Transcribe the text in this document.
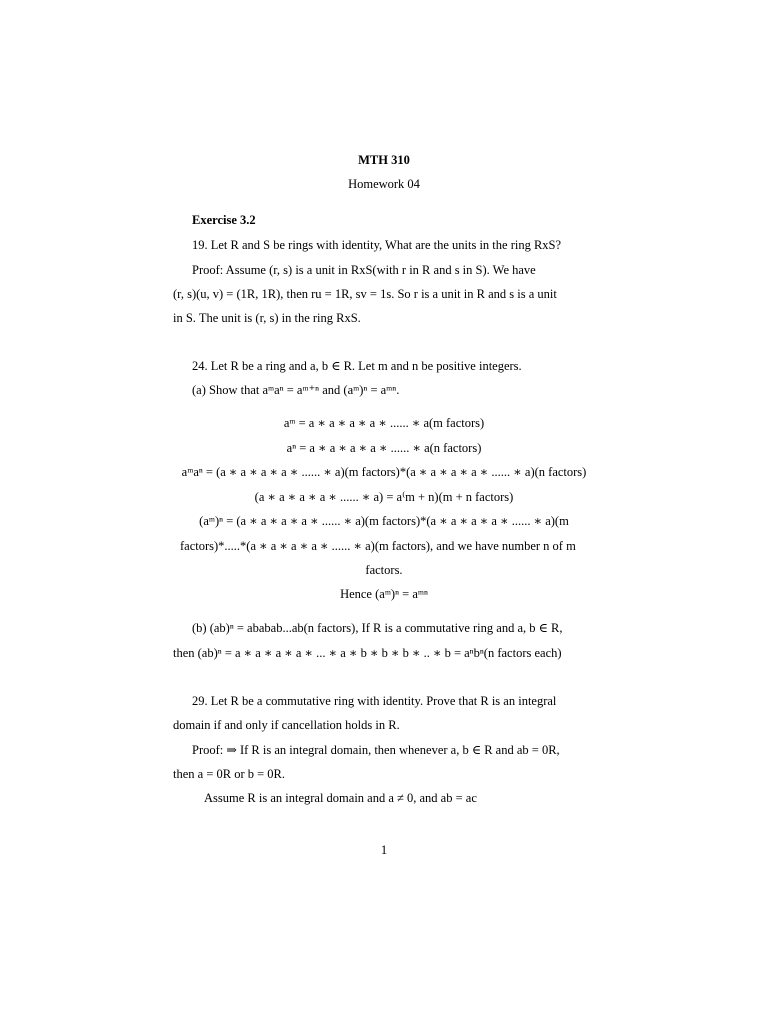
MTH 310
Homework 04
Exercise 3.2
19. Let R and S be rings with identity, What are the units in the ring RxS?
Proof: Assume (r, s) is a unit in RxS(with r in R and s in S). We have
(r, s)(u, v) = (1R, 1R), then ru = 1R, sv = 1s. So r is a unit in R and s is a unit
in S. The unit is (r, s) in the ring RxS.
24. Let R be a ring and a, b ∈ R. Let m and n be positive integers.
(a) Show that aᵐaⁿ = aᵐ⁺ⁿ and (aᵐ)ⁿ = aᵐⁿ.
aᵐ = a ∗ a ∗ a ∗ a ∗ ...... ∗ a(m factors)
aⁿ = a ∗ a ∗ a ∗ a ∗ ...... ∗ a(n factors)
aᵐaⁿ = (a ∗ a ∗ a ∗ a ∗ ...... ∗ a)(m factors)*(a ∗ a ∗ a ∗ a ∗ ...... ∗ a)(n factors)
(a ∗ a ∗ a ∗ a ∗ ...... ∗ a) = a⁽m + n)(m + n factors)
(aᵐ)ⁿ = (a ∗ a ∗ a ∗ a ∗ ...... ∗ a)(m factors)*(a ∗ a ∗ a ∗ a ∗ ...... ∗ a)(m
factors)*.....*(a ∗ a ∗ a ∗ a ∗ ...... ∗ a)(m factors), and we have number n of m
factors.
Hence (aᵐ)ⁿ = aᵐⁿ
(b) (ab)ⁿ = ababab...ab(n factors), If R is a commutative ring and a, b ∈ R,
then (ab)ⁿ = a ∗ a ∗ a ∗ a ∗ ... ∗ a ∗ b ∗ b ∗ b ∗ .. ∗ b = aⁿbⁿ(n factors each)
29. Let R be a commutative ring with identity. Prove that R is an integral
domain if and only if cancellation holds in R.
Proof: ⇒ If R is an integral domain, then whenever a, b ∈ R and ab = 0R,
then a = 0R or b = 0R.
Assume R is an integral domain and a ≠ 0, and ab = ac
1
